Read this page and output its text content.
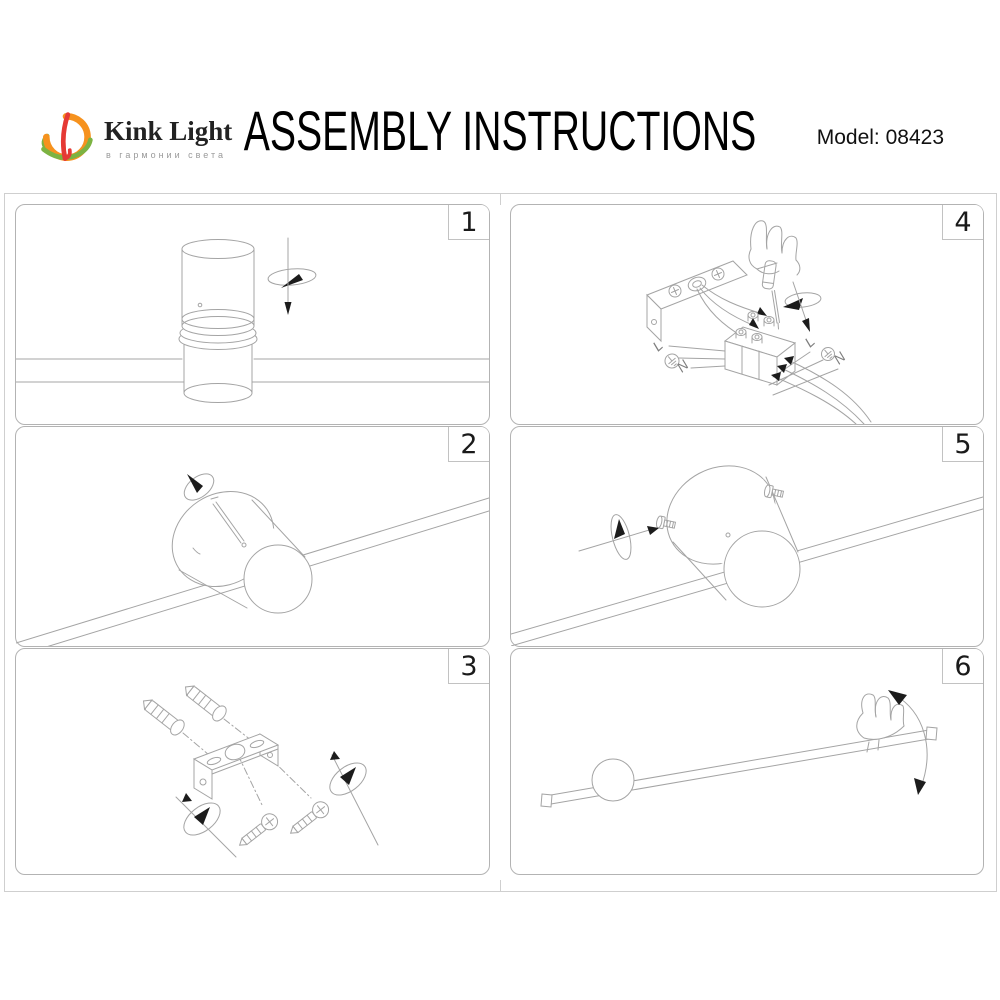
Kink Light
в гармонии света ASSEMBLY INSTRUCTIONS	Model: 08423
1
2
3
4
L
N
L
N
5
6
